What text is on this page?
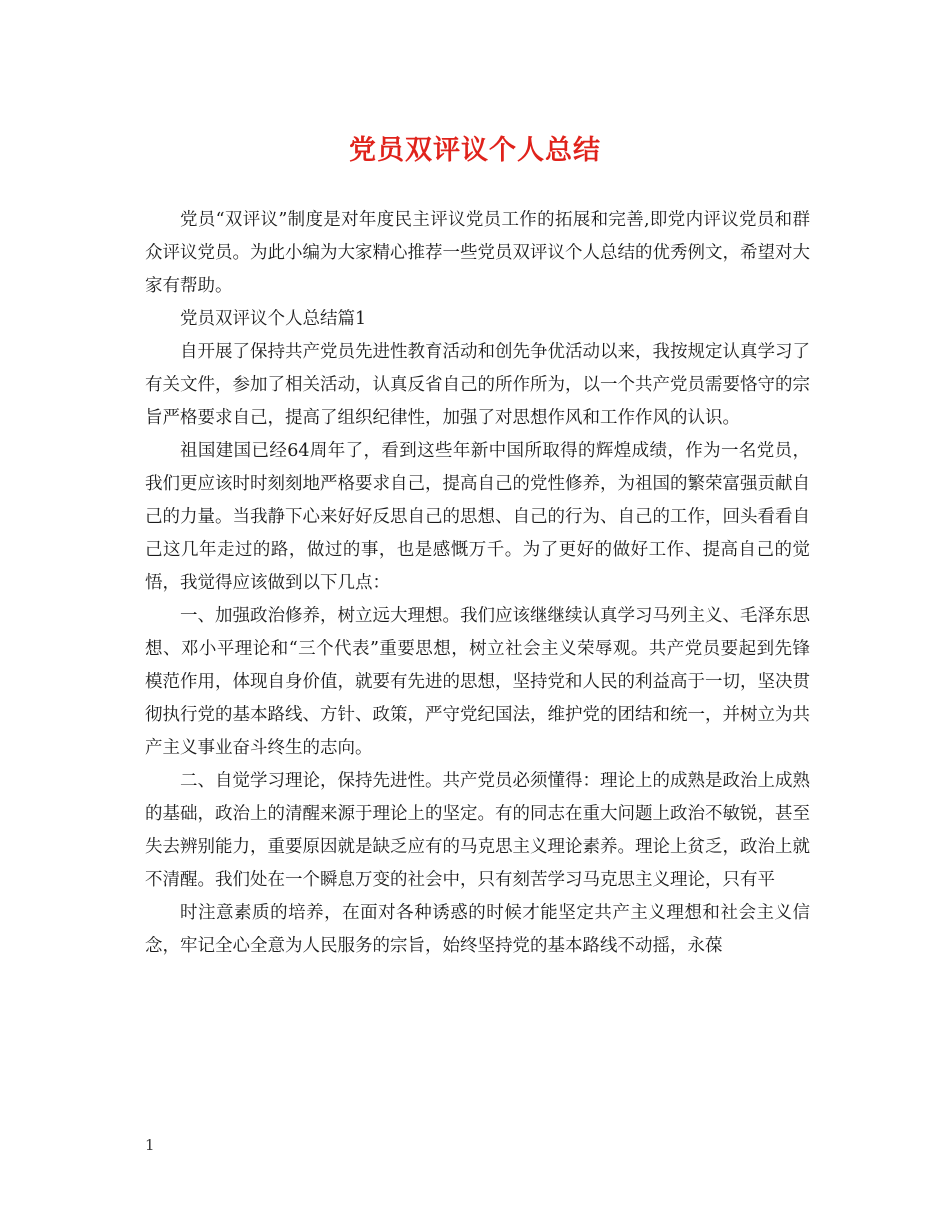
党员双评议个人总结

党员“双评议”制度是对年度民主评议党员工作的拓展和完善,即党内评议党员和群众评议党员。为此小编为大家精心推荐一些党员双评议个人总结的优秀例文，希望对大家有帮助。

党员双评议个人总结篇1

自开展了保持共产党员先进性教育活动和创先争优活动以来，我按规定认真学习了有关文件，参加了相关活动，认真反省自己的所作所为，以一个共产党员需要恪守的宗旨严格要求自己，提高了组织纪律性，加强了对思想作风和工作作风的认识。

祖国建国已经64周年了，看到这些年新中国所取得的辉煌成绩，作为一名党员，我们更应该时时刻刻地严格要求自己，提高自己的党性修养，为祖国的繁荣富强贡献自己的力量。当我静下心来好好反思自己的思想、自己的行为、自己的工作，回头看看自己这几年走过的路，做过的事，也是感慨万千。为了更好的做好工作、提高自己的觉悟，我觉得应该做到以下几点：

一、加强政治修养，树立远大理想。我们应该继继续认真学习马列主义、毛泽东思想、邓小平理论和“三个代表”重要思想，树立社会主义荣辱观。共产党员要起到先锋模范作用，体现自身价值，就要有先进的思想，坚持党和人民的利益高于一切，坚决贯彻执行党的基本路线、方针、政策，严守党纪国法，维护党的团结和统一，并树立为共产主义事业奋斗终生的志向。

二、自觉学习理论，保持先进性。共产党员必须懂得：理论上的成熟是政治上成熟的基础，政治上的清醒来源于理论上的坚定。有的同志在重大问题上政治不敏锐，甚至失去辨别能力，重要原因就是缺乏应有的马克思主义理论素养。理论上贫乏，政治上就不清醒。我们处在一个瞬息万变的社会中，只有刻苦学习马克思主义理论，只有平

时注意素质的培养，在面对各种诱惑的时候才能坚定共产主义理想和社会主义信念，牢记全心全意为人民服务的宗旨，始终坚持党的基本路线不动摇，永葆

1
